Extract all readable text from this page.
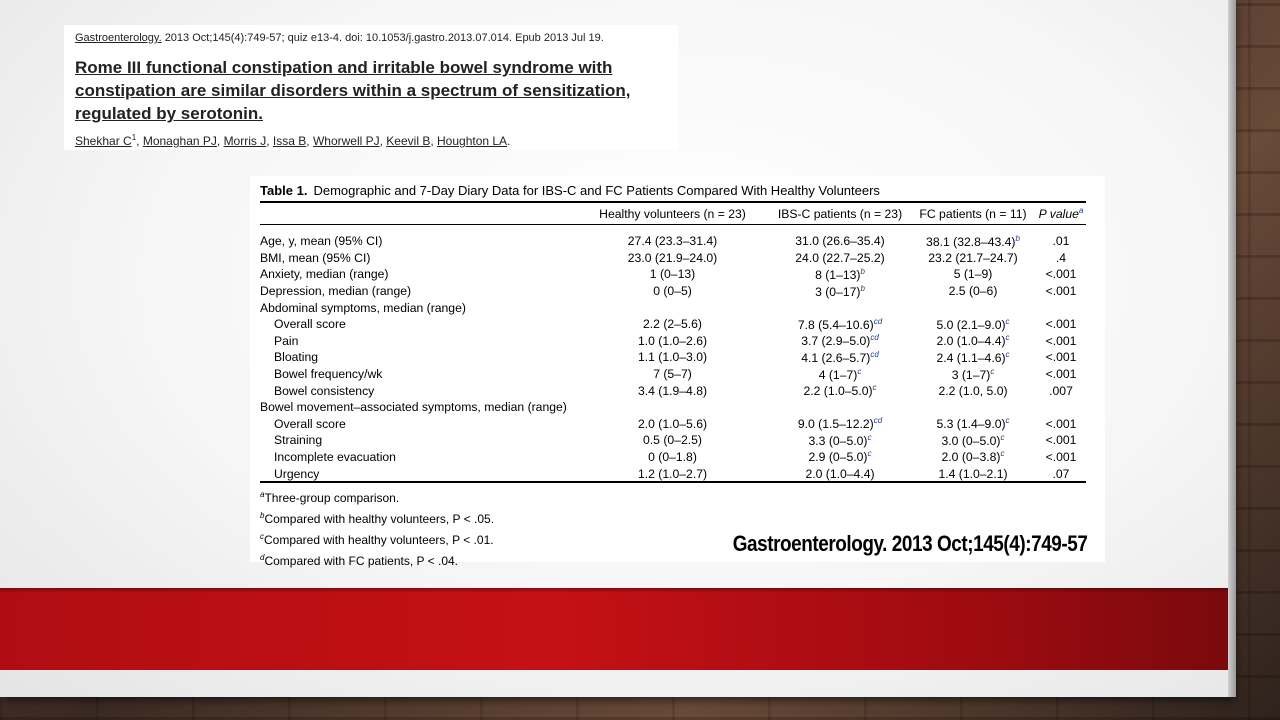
Gastroenterology. 2013 Oct;145(4):749-57; quiz e13-4. doi: 10.1053/j.gastro.2013.07.014. Epub 2013 Jul 19.
Rome III functional constipation and irritable bowel syndrome with constipation are similar disorders within a spectrum of sensitization, regulated by serotonin.
Shekhar $C^1$, Monaghan PJ, Morris J, Issa B, Whorwell PJ, Keevil B, Houghton LA.
Table 1. Demographic and 7-Day Diary Data for IBS-C and FC Patients Compared With Healthy Volunteers
	Healthy volunteers (n = 23)	IBS-C patients (n = 23)	FC patients (n = 11)	P value$^a$
Age, y, mean (95% CI)	27.4 (23.3–31.4)	31.0 (26.6–35.4)	38.1 (32.8–43.4)$^b$	.01
BMI, mean (95% CI)	23.0 (21.9–24.0)	24.0 (22.7–25.2)	23.2 (21.7–24.7)	.4
Anxiety, median (range)	1 (0–13)	8 (1–13)$^b$	5 (1–9)	<.001
Depression, median (range)	0 (0–5)	3 (0–17)$^b$	2.5 (0–6)	<.001
Abdominal symptoms, median (range)				
Overall score	2.2 (2–5.6)	7.8 (5.4–10.6)$^{cd}$	5.0 (2.1–9.0)$^c$	<.001
Pain	1.0 (1.0–2.6)	3.7 (2.9–5.0)$^{cd}$	2.0 (1.0–4.4)$^c$	<.001
Bloating	1.1 (1.0–3.0)	4.1 (2.6–5.7)$^{cd}$	2.4 (1.1–4.6)$^c$	<.001
Bowel frequency/wk	7 (5–7)	4 (1–7)$^c$	3 (1–7)$^c$	<.001
Bowel consistency	3.4 (1.9–4.8)	2.2 (1.0–5.0)$^c$	2.2 (1.0, 5.0)	.007
Bowel movement–associated symptoms, median (range)				
Overall score	2.0 (1.0–5.6)	9.0 (1.5–12.2)$^{cd}$	5.3 (1.4–9.0)$^c$	<.001
Straining	0.5 (0–2.5)	3.3 (0–5.0)$^c$	3.0 (0–5.0)$^c$	<.001
Incomplete evacuation	0 (0–1.8)	2.9 (0–5.0)$^c$	2.0 (0–3.8)$^c$	<.001
Urgency	1.2 (1.0–2.7)	2.0 (1.0–4.4)	1.4 (1.0–2.1)	.07
$^a$Three-group comparison.
$^b$Compared with healthy volunteers, P < .05.
$^c$Compared with healthy volunteers, P < .01.
$^d$Compared with FC patients, P < .04.
Gastroenterology. 2013 Oct;145(4):749-57
